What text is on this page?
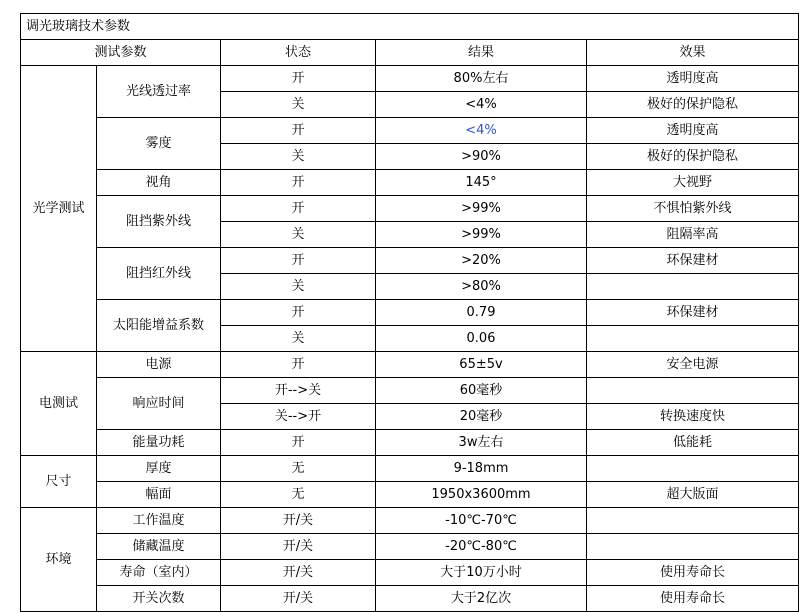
调光玻璃技术参数				
测试参数		状态	结果	效果
光学测试	光线透过率	开	80%左右	透明度高
		关	<4%	极好的保护隐私
	雾度	开	<4%	透明度高
		关	>90%	极好的保护隐私
	视角	开	145°	大视野
	阻挡紫外线	开	>99%	不惧怕紫外线
		关	>99%	阻隔率高
	阻挡红外线	开	>20%	环保建材
		关	>80%	
	太阳能增益系数	开	0.79	环保建材
		关	0.06	
电测试	电源	开	65±5v	安全电源
	响应时间	开-->关	60毫秒	
		关-->开	20毫秒	转换速度快
	能量功耗	开	3w左右	低能耗
尺寸	厚度	无	9-18mm	
	幅面	无	1950x3600mm	超大版面
环境	工作温度	开/关	-10℃-70℃	
	储藏温度	开/关	-20℃-80℃	
	寿命（室内）	开/关	大于10万小时	使用寿命长
	开关次数	开/关	大于2亿次	使用寿命长
